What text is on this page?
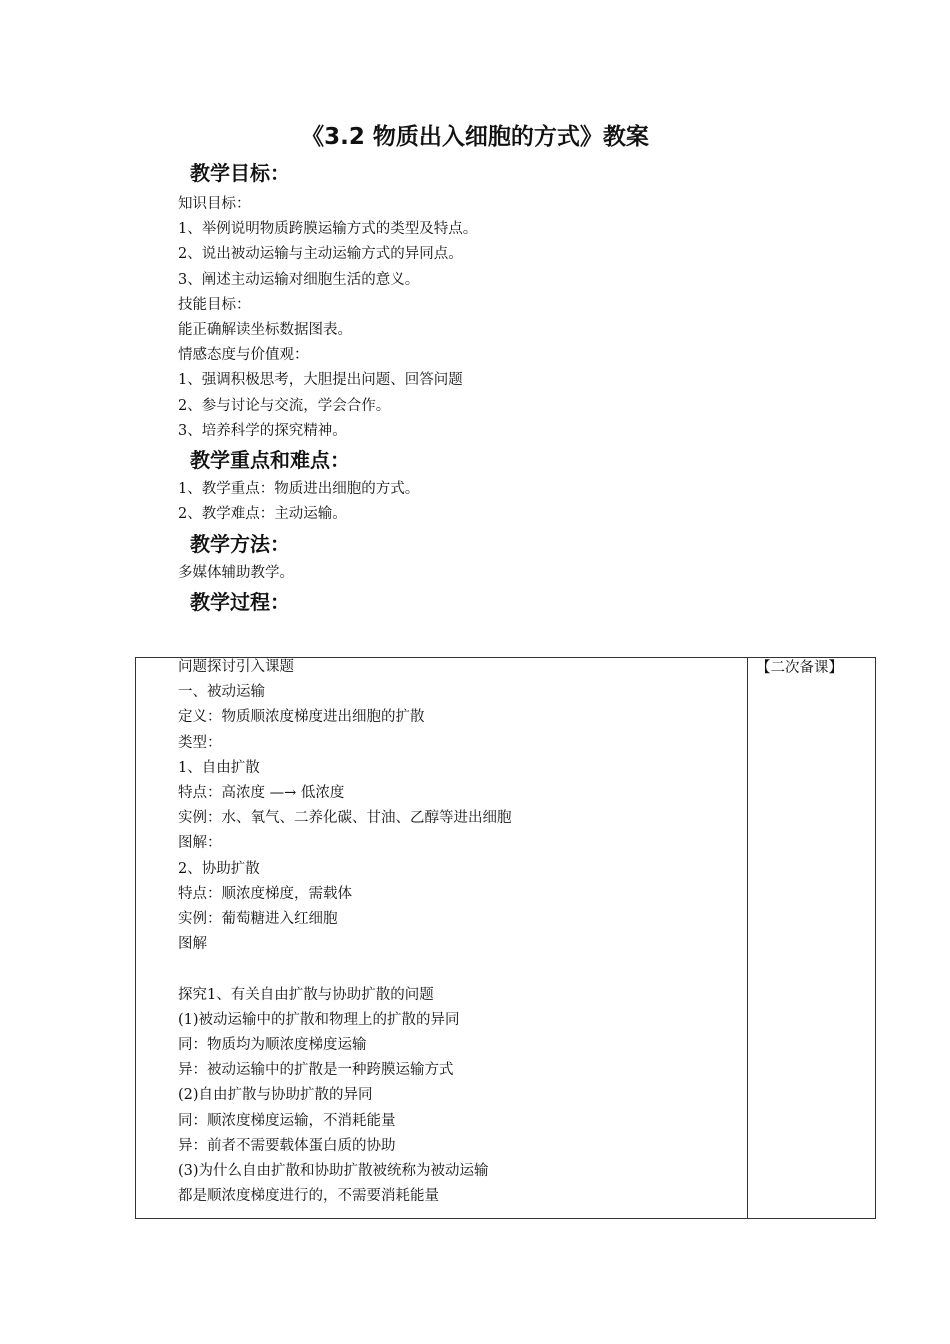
《3.2 物质出入细胞的方式》教案
教学目标：
知识目标：
1、举例说明物质跨膜运输方式的类型及特点。
2、说出被动运输与主动运输方式的异同点。
3、阐述主动运输对细胞生活的意义。
技能目标：
能正确解读坐标数据图表。
情感态度与价值观：
1、强调积极思考，大胆提出问题、回答问题
2、参与讨论与交流，学会合作。
3、培养科学的探究精神。
教学重点和难点：
1、教学重点：物质进出细胞的方式。
2、教学难点：主动运输。
教学方法：
多媒体辅助教学。
教学过程：
问题探讨引入课题
一、被动运输
定义：物质顺浓度梯度进出细胞的扩散
类型：
1、自由扩散
特点：高浓度 —→ 低浓度
实例：水、氧气、二养化碳、甘油、乙醇等进出细胞
图解：
2、协助扩散
特点：顺浓度梯度，需载体
实例：葡萄糖进入红细胞
图解
探究1、有关自由扩散与协助扩散的问题
(1)被动运输中的扩散和物理上的扩散的异同
同：物质均为顺浓度梯度运输
异：被动运输中的扩散是一种跨膜运输方式
(2)自由扩散与协助扩散的异同
同：顺浓度梯度运输，不消耗能量
异：前者不需要载体蛋白质的协助
(3)为什么自由扩散和协助扩散被统称为被动运输
都是顺浓度梯度进行的，不需要消耗能量
【二次备课】
